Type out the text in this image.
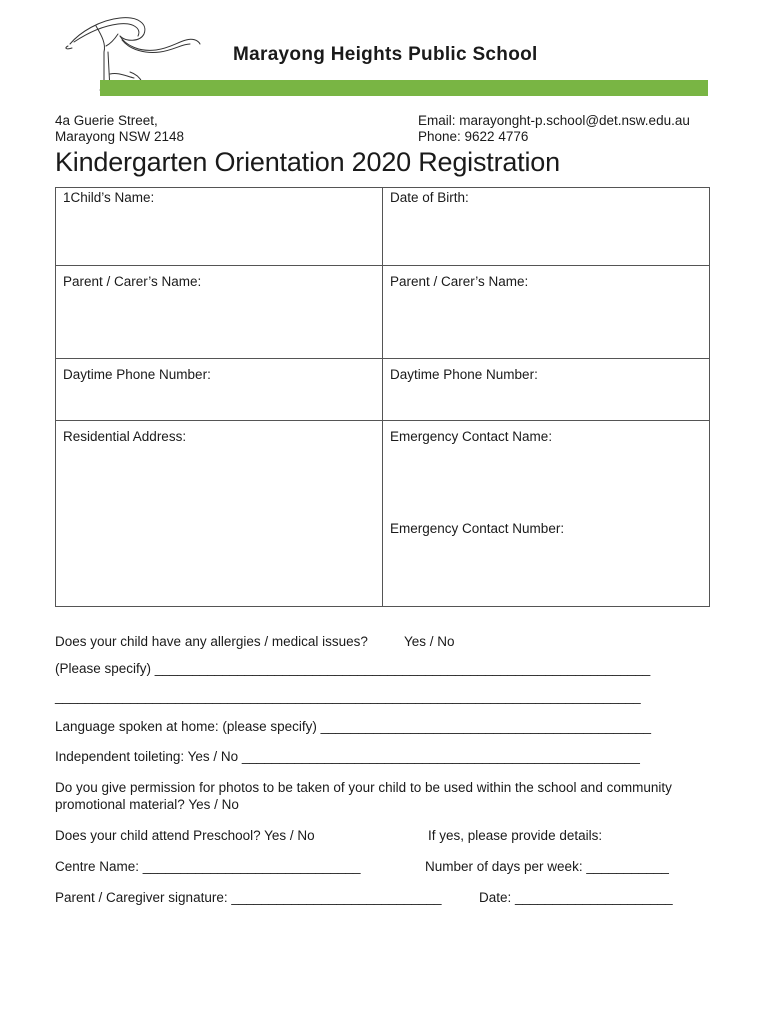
Marayong Heights Public School
4a Guerie Street,
Marayong NSW 2148
Email: marayonght-p.school@det.nsw.edu.au
Phone: 9622 4776
Kindergarten Orientation 2020 Registration
1Child’s Name:	Date of Birth:

Parent / Carer’s Name:	Parent / Carer’s Name:

Daytime Phone Number:	Daytime Phone Number:

Residential Address:	Emergency Contact Name:
Emergency Contact Number:
Does your child have any allergies / medical issues?	Yes / No
(Please specify) __________________________________________________________________
______________________________________________________________________________
Language spoken at home: (please specify) ____________________________________________
Independent toileting: Yes / No _____________________________________________________
Do you give permission for photos to be taken of your child to be used within the school and community promotional material? Yes / No
Does your child attend Preschool? Yes / No	If yes, please provide details:
Centre Name: _____________________________	Number of days per week: ___________
Parent / Caregiver signature: ____________________________	Date: _____________________
